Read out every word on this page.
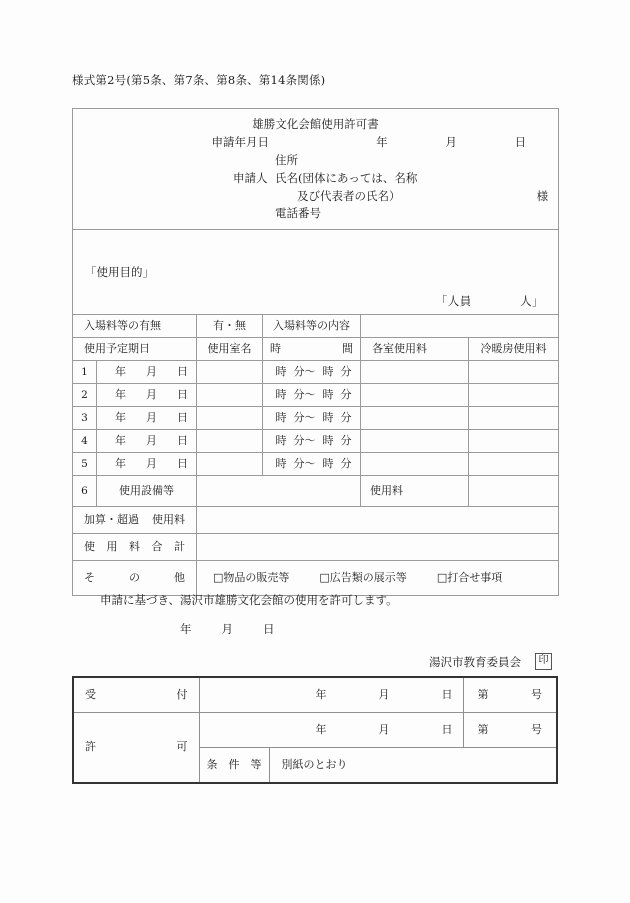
様式第2号(第5条、第7条、第8条、第14条関係)
雄勝文化会館使用許可書
申請年月日	年	月	日
住所
申請人 氏名(団体にあっては、名称
及び代表者の氏名）	様
電話番号

「使用目的」
「人員 人」					

入場料等の有無		有・無	入場料等の内容		

使用予定期日		使用室名	時 間	各室使用料	冷暖房使用料
1	年 月 日		時 分～ 時 分		

2	年 月 日		時 分～ 時 分		

3	年 月 日		時 分～ 時 分		

4	年 月 日		時 分～ 時 分		

5	年 月 日		時 分～ 時 分		

6	使用設備等			使用料	

加算・超過 使用料					

使 用 料 合 計					

そ の 他		□物品の販売等 □広告類の展示等 □打合せ事項			
申請に基づき、湯沢市雄勝文化会館の使用を許可します。
年	月	日
湯沢市教育委員会	印
受 付	年 月 日		第 号

許 可	年 月 日		第 号

	条 件 等	別紙のとおり	
